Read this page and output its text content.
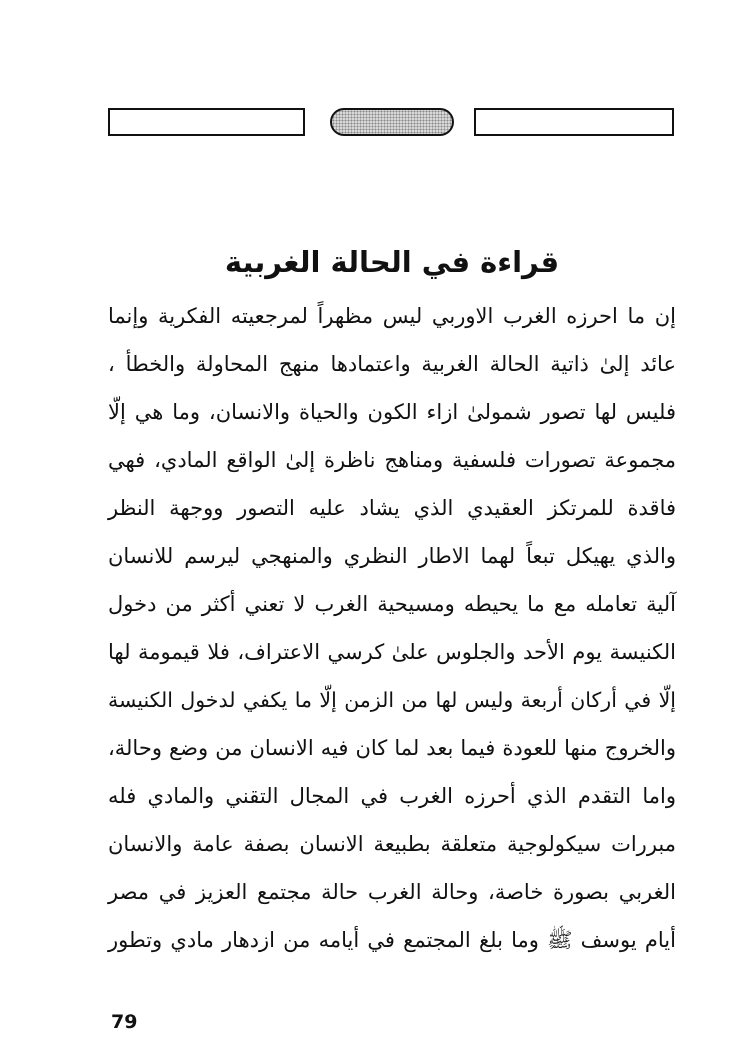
قراءة في الحالة الغربية
إن ما احرزه الغرب الاوربي ليس مظهراً لمرجعيته الفكرية وإنما
عائد إلىٰ ذاتية الحالة الغربية واعتمادها منهج المحاولة والخطأ ،
فليس لها تصور شمولىٰ ازاء الكون والحياة والانسان، وما هي إلّا
مجموعة تصورات فلسفية ومناهج ناظرة إلىٰ الواقع المادي، فهي
فاقدة للمرتكز العقيدي الذي يشاد عليه التصور ووجهة النظر
والذي يهيكل تبعاً لهما الاطار النظري والمنهجي ليرسم للانسان
آلية تعامله مع ما يحيطه ومسيحية الغرب لا تعني أكثر من دخول
الكنيسة يوم الأحد والجلوس علىٰ كرسي الاعتراف، فلا قيمومة لها
إلّا في أركان أربعة وليس لها من الزمن إلّا ما يكفي لدخول الكنيسة
والخروج منها للعودة فيما بعد لما كان فيه الانسان من وضع وحالة،
واما التقدم الذي أحرزه الغرب في المجال التقني والمادي فله
مبررات سيكولوجية متعلقة بطبيعة الانسان بصفة عامة والانسان
الغربي بصورة خاصة، وحالة الغرب حالة مجتمع العزيز في مصر
أيام يوسف ﷺ وما بلغ المجتمع في أيامه من ازدهار مادي وتطور
79
